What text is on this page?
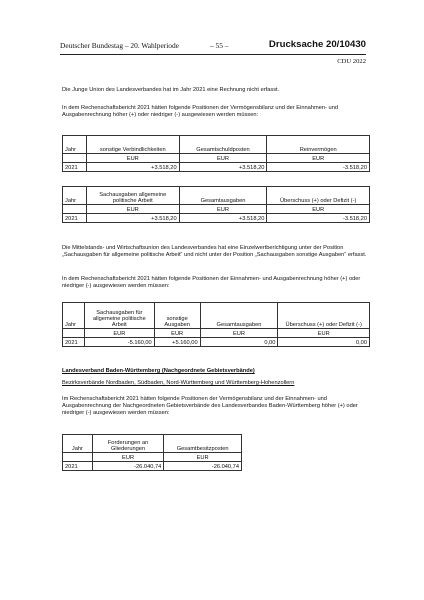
Deutscher Bundestag – 20. Wahlperiode	– 55 –	Drucksache 20/10430
CDU 2022
Die Junge Union des Landesverbandes hat im Jahr 2021 eine Rechnung nicht erfasst.
In dem Rechenschaftsbericht 2021 hätten folgende Positionen der Vermögensbilanz und der Einnahmen- und Ausgabenrechnung höher (+) oder niedriger (-) ausgewiesen werden müssen:
Jahr	sonstige Verbindlichkeiten	Gesamtschuldposten	Reinvermögen
	EUR	EUR	EUR
2021	+3.518,20	+3.518,20	-3.518,20
Jahr	Sachausgaben allgemeine politische Arbeit	Gesamtausgaben	Überschuss (+) oder Defizit (-)
	EUR	EUR	EUR
2021	+3.518,20	+3.518,20	-3.518,20
Die Mittelstands- und Wirtschaftsunion des Landesverbandes hat eine Einzelwertberichtigung unter der Position „Sachausgaben für allgemeine politische Arbeit“ und nicht unter der Position „Sachausgaben sonstige Ausgaben“ erfasst.
In dem Rechenschaftsbericht 2021 hätten folgende Positionen der Einnahmen- und Ausgabenrechnung höher (+) oder niedriger (-) ausgewiesen werden müssen:
Jahr	Sachausgaben für allgemeine politische Arbeit	sonstige Ausgaben	Gesamtausgaben	Überschuss (+) oder Defizit (-)
	EUR	EUR	EUR	EUR
2021	-5.160,00	+5.160,00	0,00	0,00
Landesverband Baden-Württemberg (Nachgeordnete Gebietsverbände)
Bezirksverbände Nordbaden, Südbaden, Nord-Württemberg und Württemberg-Hohenzollern
Im Rechenschaftsbericht 2021 hätten folgende Positionen der Vermögensbilanz und der Einnahmen- und Ausgabenrechnung der Nachgeordneten Gebietsverbände des Landesverbandes Baden-Württemberg höher (+) oder niedriger (-) ausgewiesen werden müssen:
Jahr	Forderungen an Gliederungen	Gesamtbesitzposten
	EUR	EUR
2021	-26.040,74	-26.040,74
